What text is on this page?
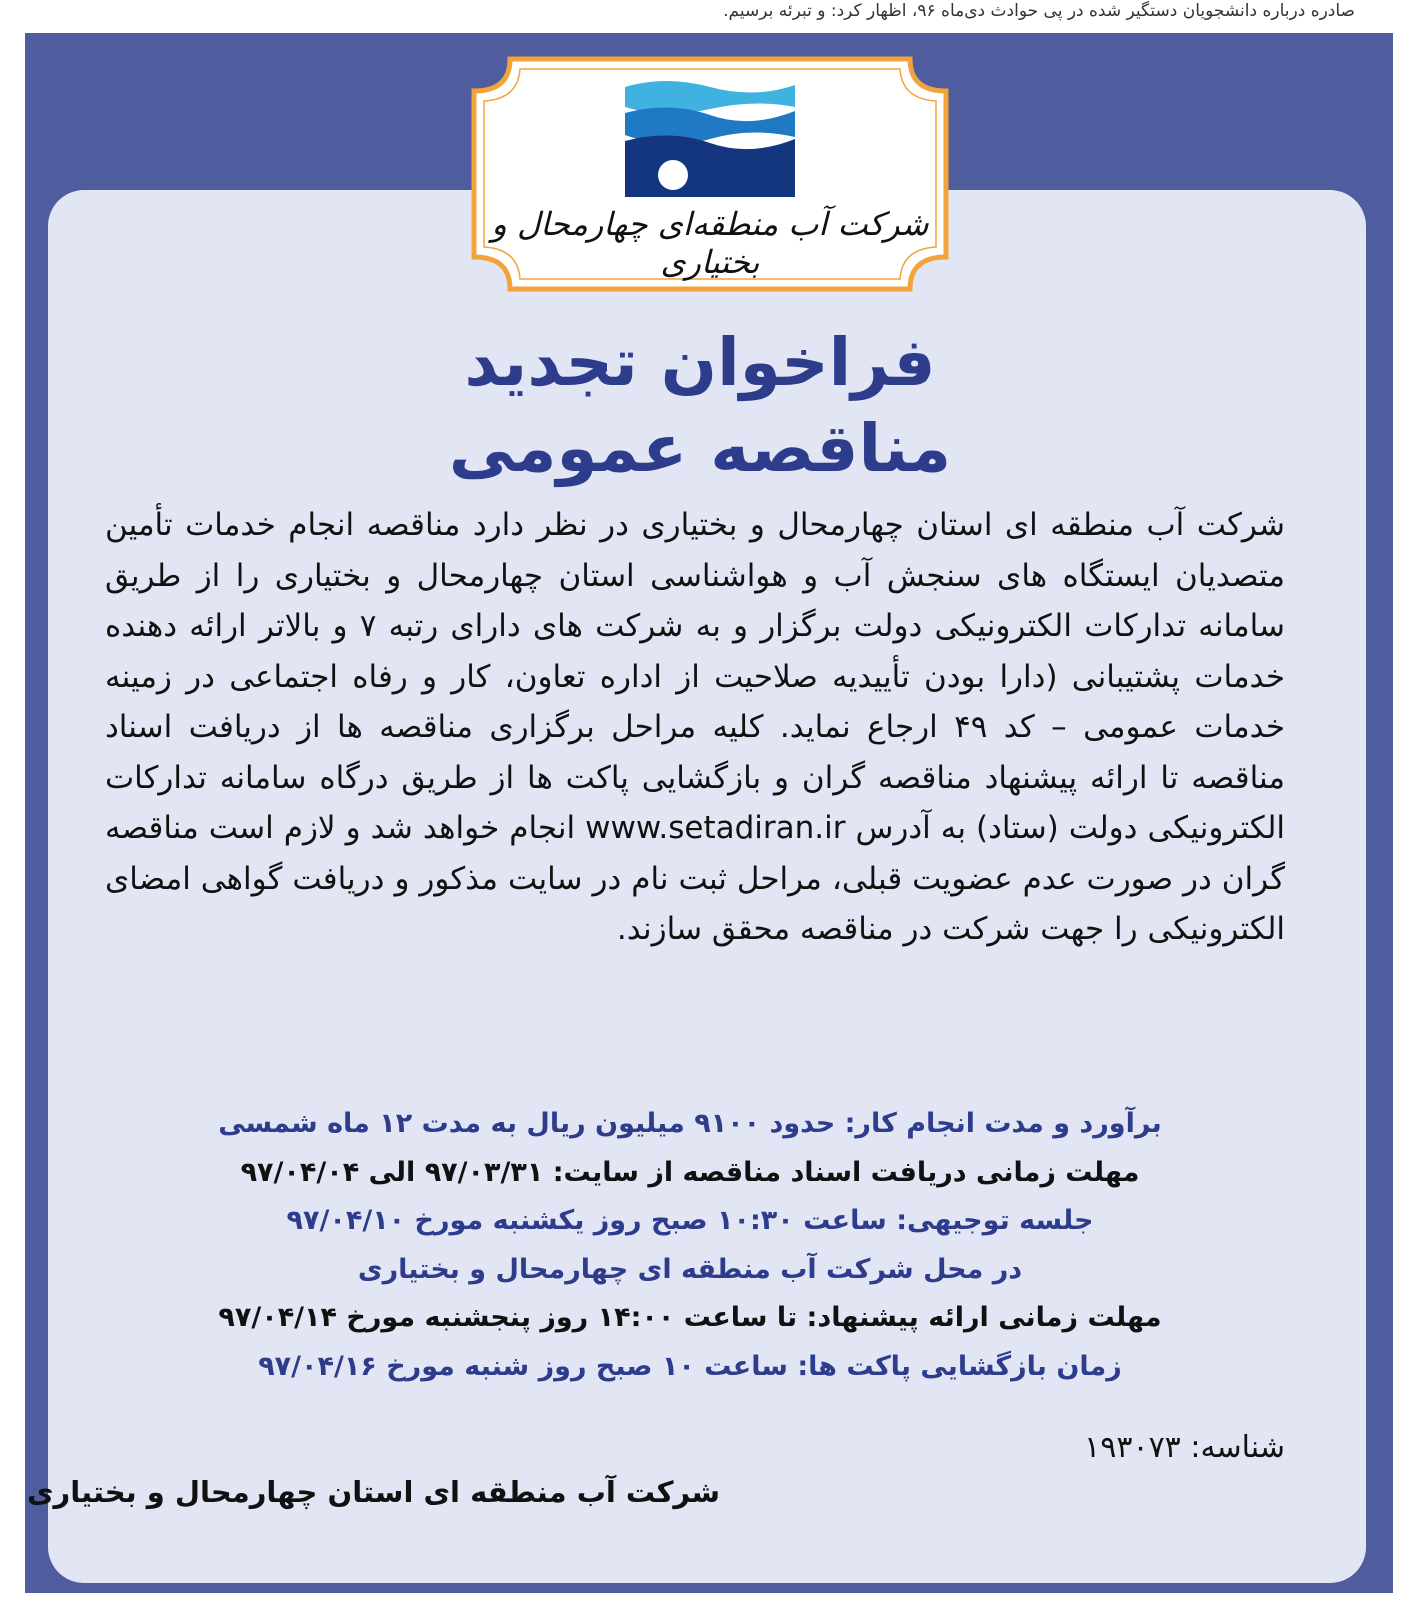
صادره درباره دانشجویان دستگیر شده در پی حوادث دی‌ماه ۹۶، اظهار کرد: و تبرئه برسیم.
شرکت آب منطقه‌ای چهارمحال و بختیاری
فراخوان تجدید
مناقصه عمومی
شرکت آب منطقه ای استان چهارمحال و بختیاری در نظر دارد مناقصه انجام خدمات تأمین متصدیان ایستگاه های سنجش آب و هواشناسی استان چهارمحال و بختیاری را از طریق سامانه تدارکات الکترونیکی دولت برگزار و به شرکت های دارای رتبه ۷ و بالاتر ارائه دهنده خدمات پشتیبانی (دارا بودن تأییدیه صلاحیت از اداره تعاون، کار و رفاه اجتماعی در زمینه خدمات عمومی – کد ۴۹ ارجاع نماید. کلیه مراحل برگزاری مناقصه ها از دریافت اسناد مناقصه تا ارائه پیشنهاد مناقصه گران و بازگشایی پاکت ها از طریق درگاه سامانه تدارکات الکترونیکی دولت (ستاد) به آدرس www.setadiran.ir انجام خواهد شد و لازم است مناقصه گران در صورت عدم عضویت قبلی، مراحل ثبت نام در سایت مذکور و دریافت گواهی امضای الکترونیکی را جهت شرکت در مناقصه محقق سازند.
برآورد و مدت انجام کار: حدود ۹۱۰۰ میلیون ریال به مدت ۱۲ ماه شمسی
مهلت زمانی دریافت اسناد مناقصه از سایت: ۹۷/۰۳/۳۱ الی ۹۷/۰۴/۰۴
جلسه توجیهی: ساعت ۱۰:۳۰ صبح روز یکشنبه مورخ ۹۷/۰۴/۱۰
در محل شرکت آب منطقه ای چهارمحال و بختیاری
مهلت زمانی ارائه پیشنهاد: تا ساعت ۱۴:۰۰ روز پنجشنبه مورخ ۹۷/۰۴/۱۴
زمان بازگشایی پاکت ها: ساعت ۱۰ صبح روز شنبه مورخ ۹۷/۰۴/۱۶
شناسه: ۱۹۳۰۷۳
شرکت آب منطقه ای استان چهارمحال و بختیاری
